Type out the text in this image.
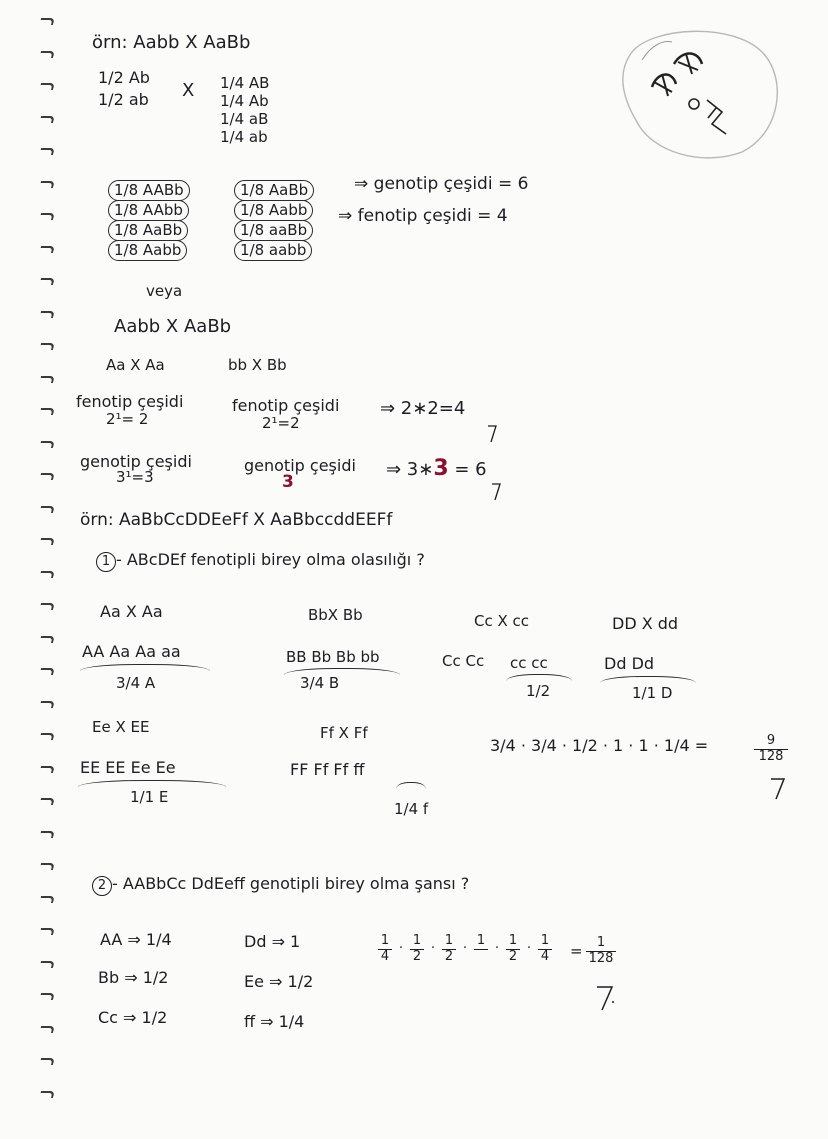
örn: Aabb X AaBb
1/2 Ab
1/2 ab X 1/4 AB
1/4 Ab
1/4 aB
1/4 ab
1/8 AABb
1/8 AAbb
1/8 AaBb
1/8 Aabb
1/8 AaBb
1/8 Aabb
1/8 aaBb
1/8 aabb
⇒ genotip çeşidi = 6
⇒ fenotip çeşidi = 4
veya
Aabb X AaBb
Aa X Aa	bb X Bb
fenotip çeşidi
2¹= 2
fenotip çeşidi
2¹=2
⇒ 2∗2=4
genotip çeşidi
3¹=3
genotip çeşidi
3
⇒ 3∗3 = 6
örn: AaBbCcDDEeFf X AaBbccddEEFf
1 - ABcDEf fenotipli birey olma olasılığı ?
Aa X Aa
AA Aa Aa aa
3/4 A
BbX Bb
BB Bb Bb bb
3/4 B
Cc X cc
Cc Cc cc cc
1/2
DD X dd
Dd Dd
1/1 D
Ee X EE
EE EE Ee Ee
1/1 E
Ff X Ff
FF Ff Ff ff
1/4 f
3/4 · 3/4 · 1/2 · 1 · 1 · 1/4 =	$\frac{9}{128}$
2 - AABbCc DdEeff genotipli birey olma şansı ?
AA ⇒ 1/4
Bb ⇒ 1/2
Cc ⇒ 1/2
Dd ⇒ 1
Ee ⇒ 1/2
ff ⇒ 1/4
$\frac{1}{4} \cdot \frac{1}{2} \cdot \frac{1}{2}$ ·
1

· $\frac{1}{2} \cdot \frac{1}{4} = \frac{1}{128}$
